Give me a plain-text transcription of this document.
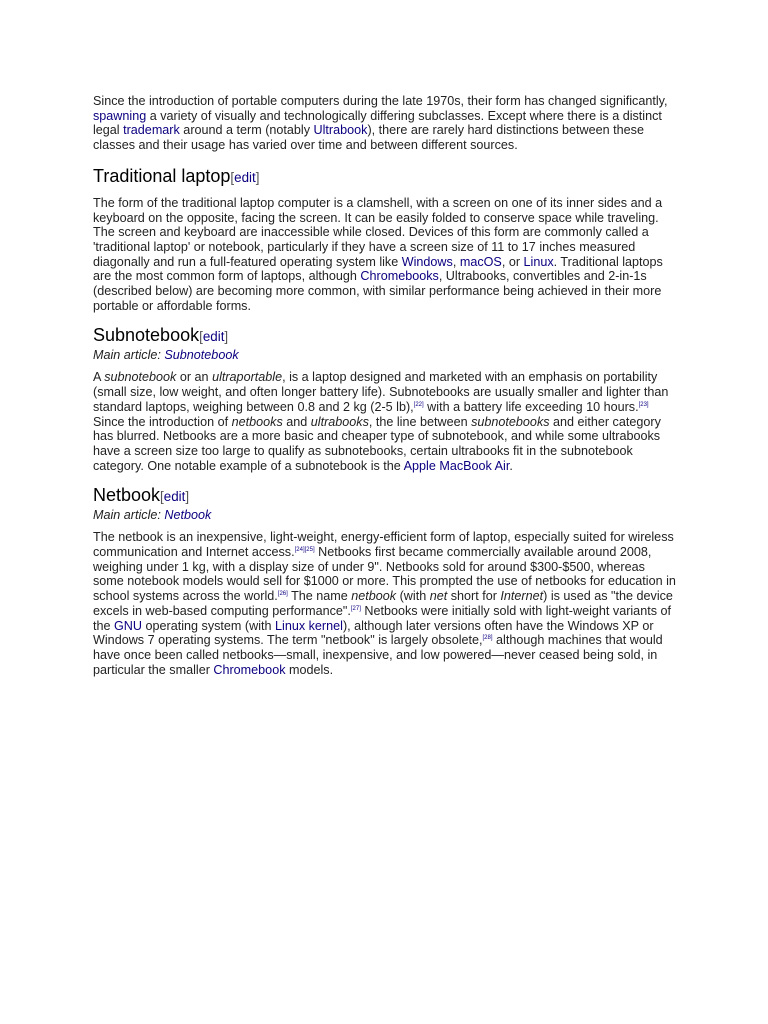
Since the introduction of portable computers during the late 1970s, their form has changed significantly, spawning a variety of visually and technologically differing subclasses. Except where there is a distinct legal trademark around a term (notably Ultrabook), there are rarely hard distinctions between these classes and their usage has varied over time and between different sources.

Traditional laptop[edit]

The form of the traditional laptop computer is a clamshell, with a screen on one of its inner sides and a keyboard on the opposite, facing the screen. It can be easily folded to conserve space while traveling. The screen and keyboard are inaccessible while closed. Devices of this form are commonly called a 'traditional laptop' or notebook, particularly if they have a screen size of 11 to 17 inches measured diagonally and run a full-featured operating system like Windows, macOS, or Linux. Traditional laptops are the most common form of laptops, although Chromebooks, Ultrabooks, convertibles and 2-in-1s (described below) are becoming more common, with similar performance being achieved in their more portable or affordable forms.

Subnotebook[edit]

Main article: Subnotebook

A subnotebook or an ultraportable, is a laptop designed and marketed with an emphasis on portability (small size, low weight, and often longer battery life). Subnotebooks are usually smaller and lighter than standard laptops, weighing between 0.8 and 2 kg (2-5 lb),[22] with a battery life exceeding 10 hours.[23] Since the introduction of netbooks and ultrabooks, the line between subnotebooks and either category has blurred. Netbooks are a more basic and cheaper type of subnotebook, and while some ultrabooks have a screen size too large to qualify as subnotebooks, certain ultrabooks fit in the subnotebook category. One notable example of a subnotebook is the Apple MacBook Air.

Netbook[edit]

Main article: Netbook

The netbook is an inexpensive, light-weight, energy-efficient form of laptop, especially suited for wireless communication and Internet access.[24][25] Netbooks first became commercially available around 2008, weighing under 1 kg, with a display size of under 9". Netbooks sold for around $300-$500, whereas some notebook models would sell for $1000 or more. This prompted the use of netbooks for education in school systems across the world.[26] The name netbook (with net short for Internet) is used as "the device excels in web-based computing performance".[27] Netbooks were initially sold with light-weight variants of the GNU operating system (with Linux kernel), although later versions often have the Windows XP or Windows 7 operating systems. The term "netbook" is largely obsolete,[28] although machines that would have once been called netbooks—small, inexpensive, and low powered—never ceased being sold, in particular the smaller Chromebook models.
